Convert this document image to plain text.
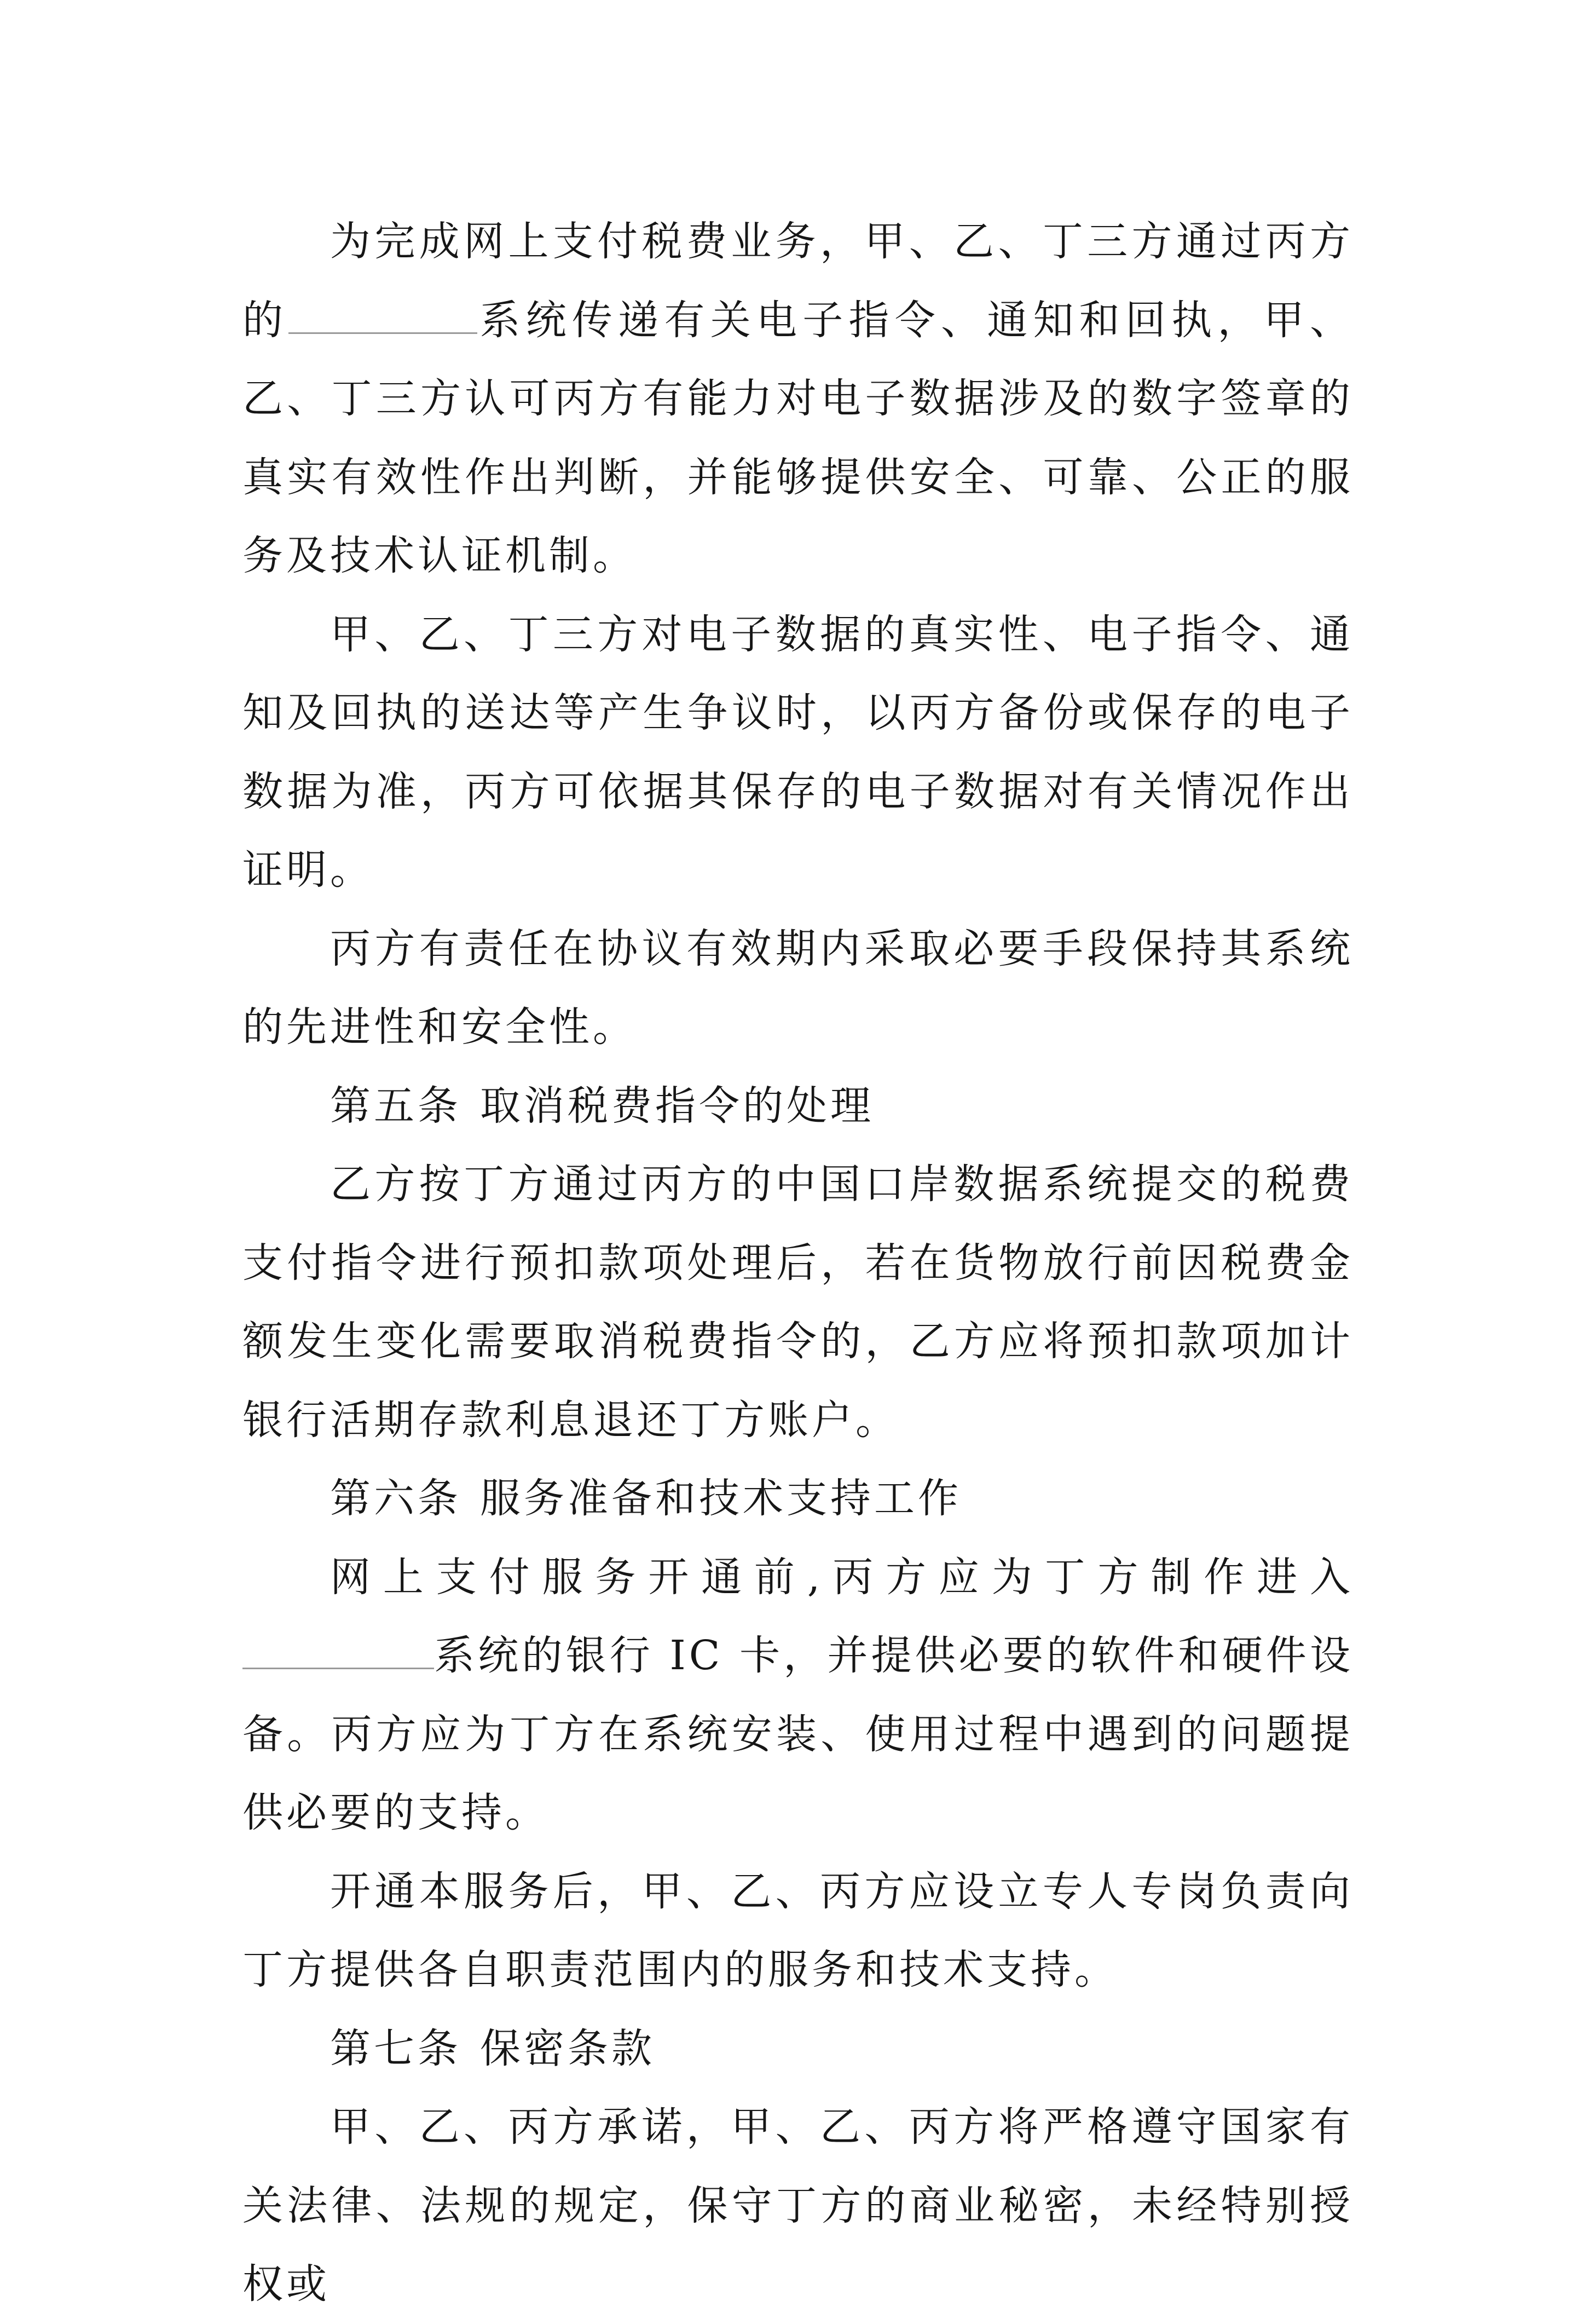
为完成网上支付税费业务，甲、乙、丁三方通过丙方的	系统传递有关电子指令、通知和回执，甲、乙、丁三方认可丙方有能力对电子数据涉及的数字签章的真实有效性作出判断，并能够提供安全、可靠、公正的服务及技术认证机制。

甲、乙、丁三方对电子数据的真实性、电子指令、通知及回执的送达等产生争议时，以丙方备份或保存的电子数据为准，丙方可依据其保存的电子数据对有关情况作出证明。

丙方有责任在协议有效期内采取必要手段保持其系统的先进性和安全性。

第五条 取消税费指令的处理

乙方按丁方通过丙方的中国口岸数据系统提交的税费支付指令进行预扣款项处理后，若在货物放行前因税费金额发生变化需要取消税费指令的，乙方应将预扣款项加计银行活期存款利息退还丁方账户。

第六条 服务准备和技术支持工作

网上支付服务开通前,丙方应为丁方制作进入系统的银行 IC 卡，并提供必要的软件和硬件设备。丙方应为丁方在系统安装、使用过程中遇到的问题提供必要的支持。

开通本服务后，甲、乙、丙方应设立专人专岗负责向丁方提供各自职责范围内的服务和技术支持。

第七条 保密条款

甲、乙、丙方承诺，甲、乙、丙方将严格遵守国家有关法律、法规的规定，保守丁方的商业秘密，未经特别授权或
